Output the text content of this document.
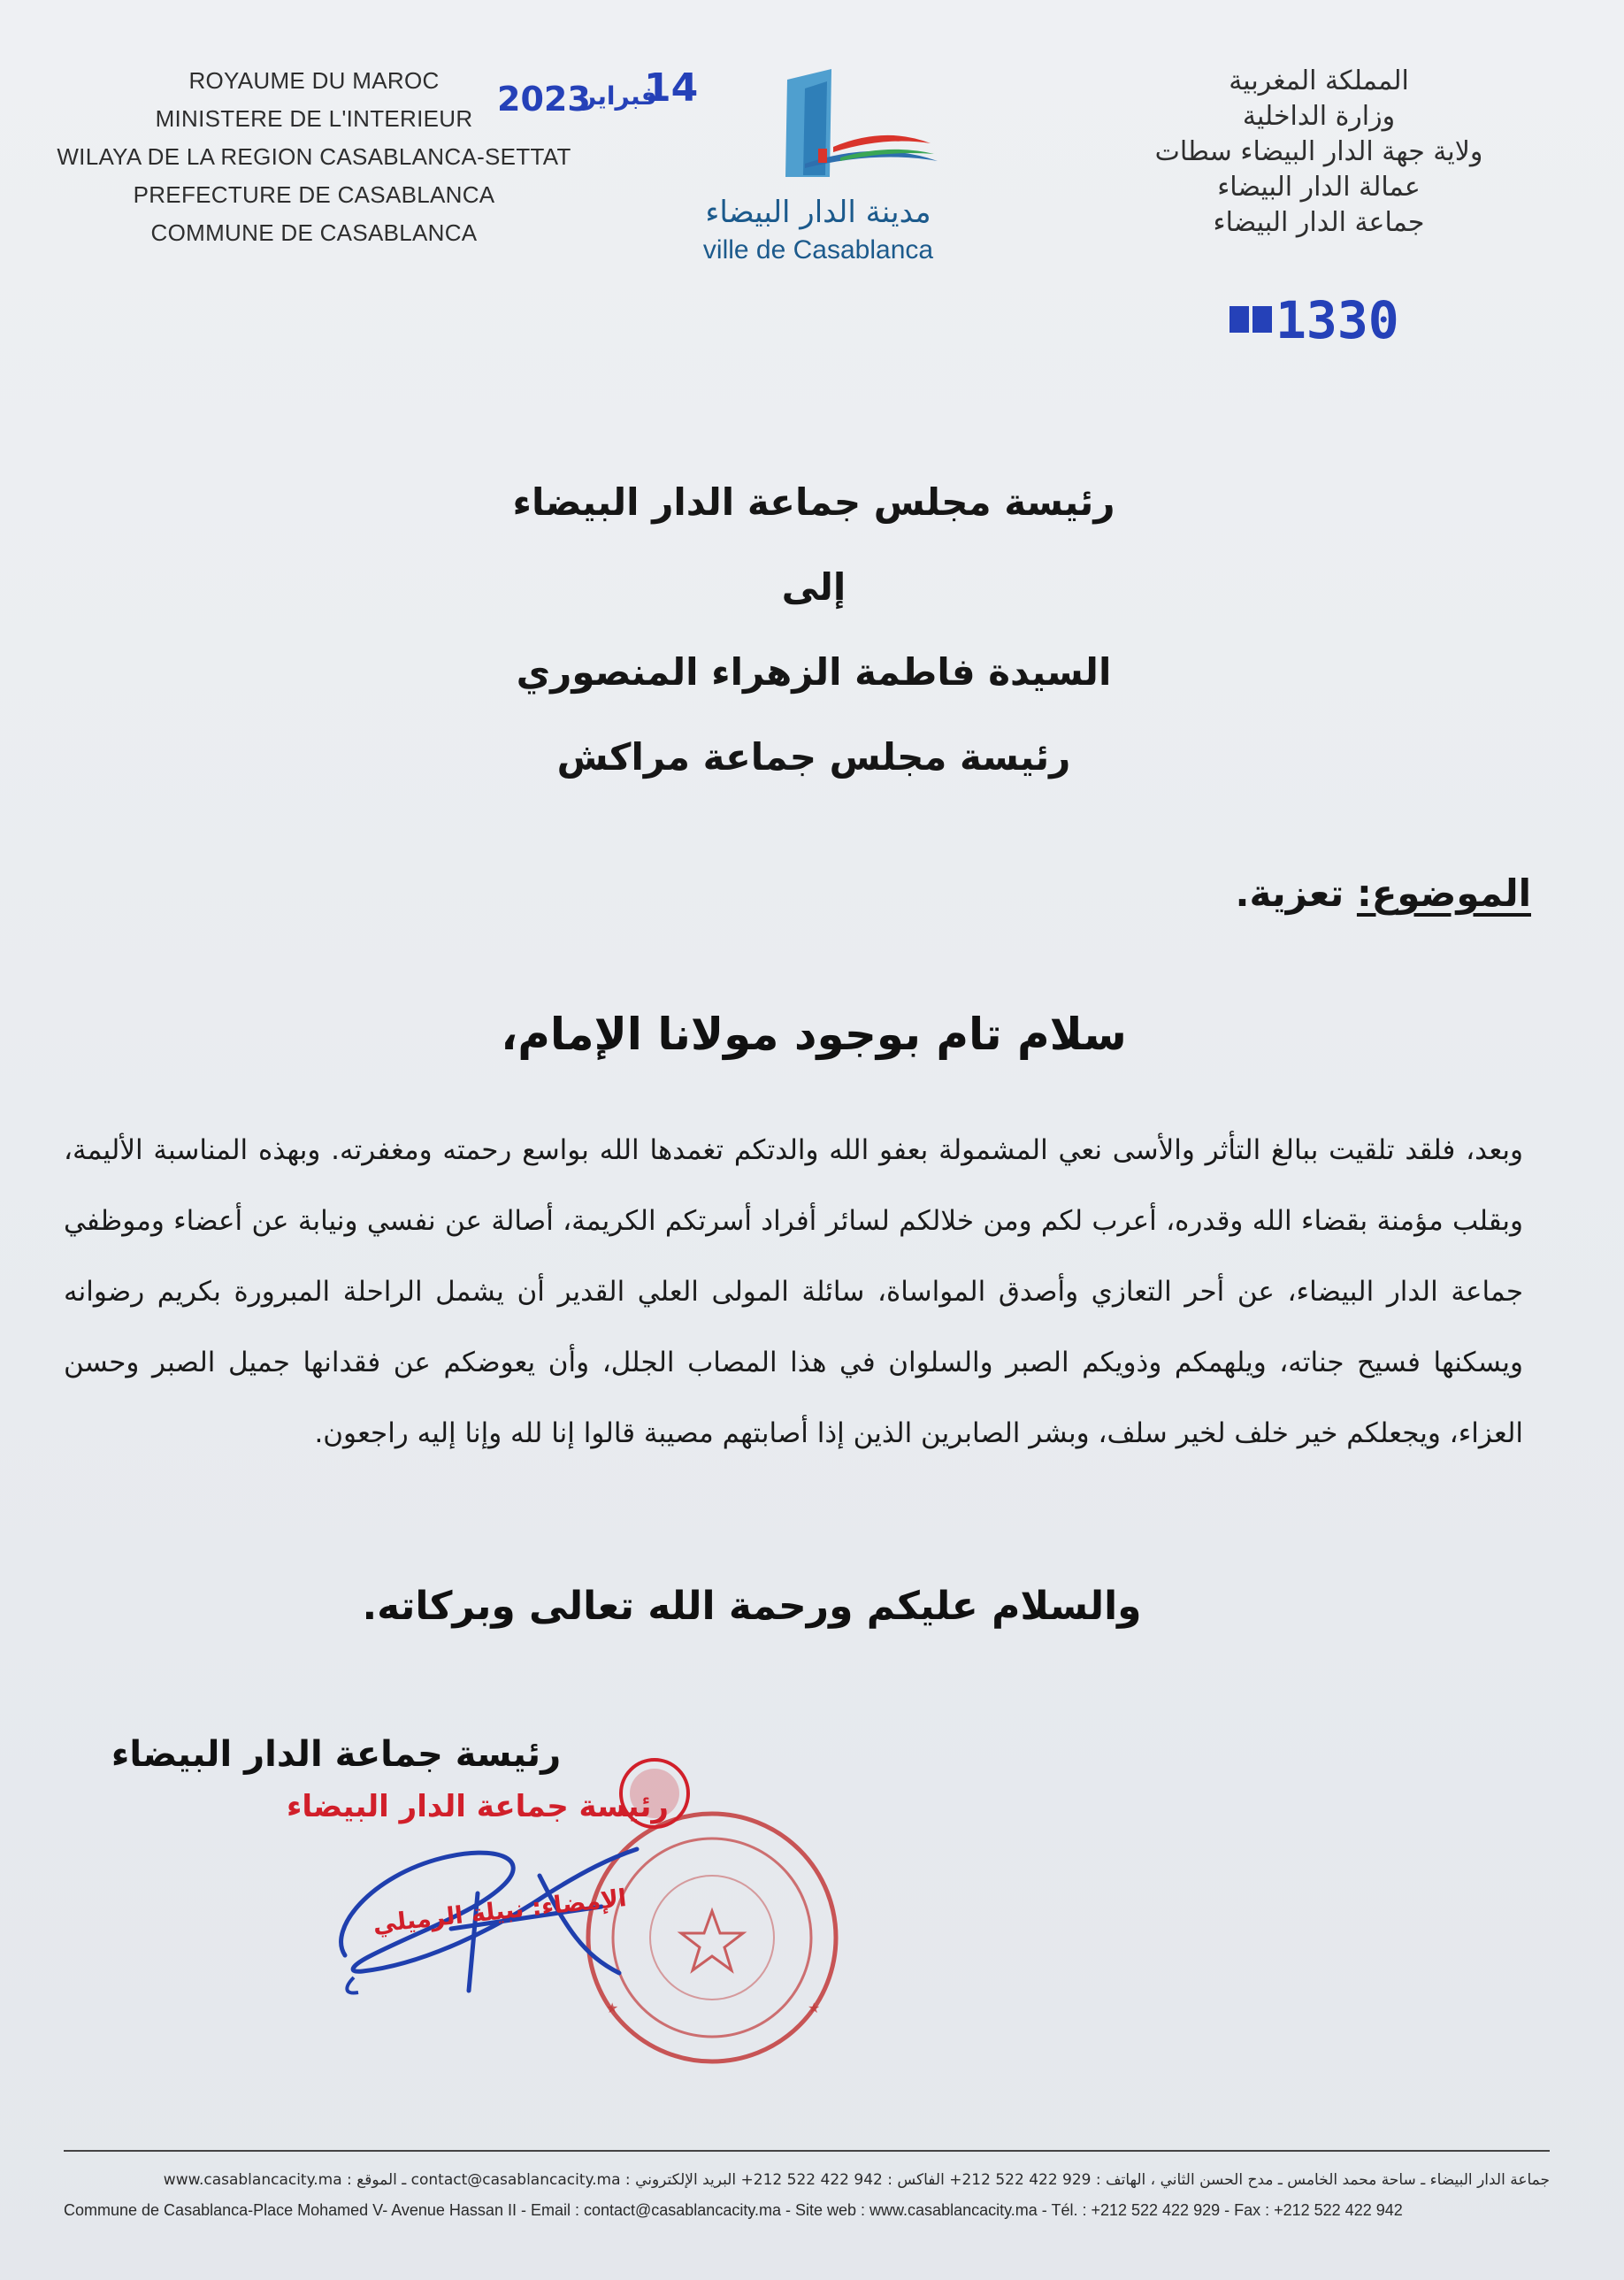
ROYAUME DU MAROC
MINISTERE DE L'INTERIEUR
WILAYA DE LA REGION CASABLANCA-SETTAT
PREFECTURE DE CASABLANCA
COMMUNE DE CASABLANCA
2023
فبراير
14
مدينة الدار البيضاء
ville de Casablanca
المملكة المغربية
وزارة الداخلية
ولاية جهة الدار البيضاء سطات
عمالة الدار البيضاء
جماعة الدار البيضاء
1330
رئيسة مجلس جماعة الدار البيضاء
إلى
السيدة فاطمة الزهراء المنصوري
رئيسة مجلس جماعة مراكش
الموضوع: تعزية.
سلام تام بوجود مولانا الإمام،
وبعد، فلقد تلقيت ببالغ التأثر والأسى نعي المشمولة بعفو الله والدتكم تغمدها الله بواسع رحمته ومغفرته. وبهذه المناسبة الأليمة، وبقلب مؤمنة بقضاء الله وقدره، أعرب لكم ومن خلالكم لسائر أفراد أسرتكم الكريمة، أصالة عن نفسي ونيابة عن أعضاء وموظفي جماعة الدار البيضاء، عن أحر التعازي وأصدق المواساة، سائلة المولى العلي القدير أن يشمل الراحلة المبرورة بكريم رضوانه ويسكنها فسيح جناته، ويلهمكم وذويكم الصبر والسلوان في هذا المصاب الجلل، وأن يعوضكم عن فقدانها جميل الصبر وحسن العزاء، ويجعلكم خير خلف لخير سلف، وبشر الصابرين الذين إذا أصابتهم مصيبة قالوا إنا لله وإنا إليه راجعون.
والسلام عليكم ورحمة الله تعالى وبركاته.
رئيسة جماعة الدار البيضاء
★	★
رئيسة جماعة الدار البيضاء
الإمضاء: نبيلة الرميلي
جماعة الدار البيضاء ـ ساحة محمد الخامس ـ مدح الحسن الثاني ، الهاتف : 929 422 522 212+ الفاكس : 942 422 522 212+ البريد الإلكتروني : contact@casablancacity.ma ـ الموقع : www.casablancacity.ma
Commune de Casablanca-Place Mohamed V- Avenue Hassan II - Email : contact@casablancacity.ma - Site web : www.casablancacity.ma - Tél. : +212 522 422 929 - Fax : +212 522 422 942
